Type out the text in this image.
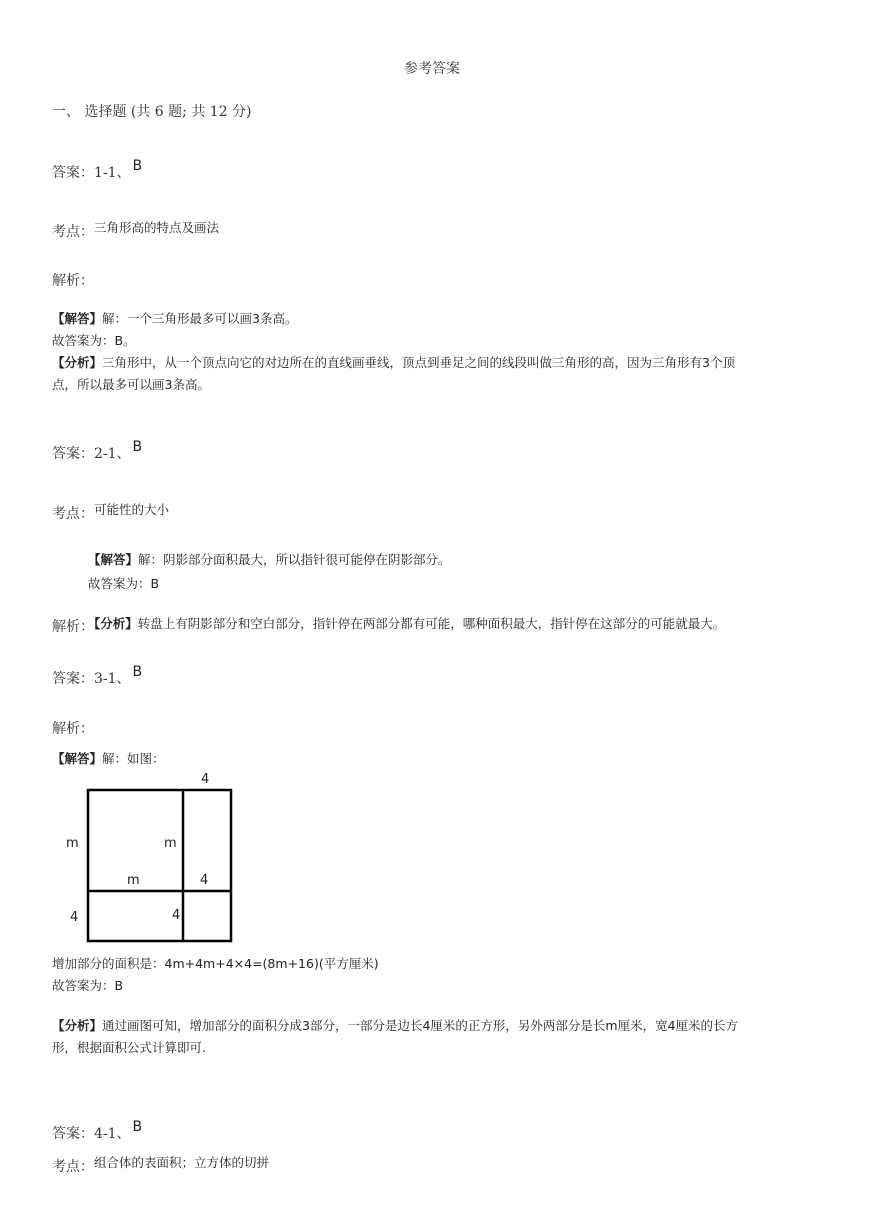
参考答案
一、 选择题 (共 6 题; 共 12 分)
答案：1-1、 B
考点：三角形高的特点及画法
解析：
【解答】解：一个三角形最多可以画3条高。
故答案为：B。
【分析】三角形中，从一个顶点向它的对边所在的直线画垂线，顶点到垂足之间的线段叫做三角形的高，因为三角形有3个顶
点，所以最多可以画3条高。
答案：2-1、 B
考点：可能性的大小
【解答】解：阴影部分面积最大，所以指针很可能停在阴影部分。
故答案为：B
解析：【分析】转盘上有阴影部分和空白部分，指针停在两部分都有可能，哪种面积最大，指针停在这部分的可能就最大。
答案：3-1、 B
解析：
【解答】解：如图：
4
m	m
m	4
4	4
增加部分的面积是：4m+4m+4×4=(8m+16)(平方厘米)
故答案为：B
【分析】通过画图可知，增加部分的面积分成3部分，一部分是边长4厘米的正方形，另外两部分是长m厘米，宽4厘米的长方
形，根据面积公式计算即可.
答案：4-1、 B
考点：组合体的表面积；立方体的切拼
